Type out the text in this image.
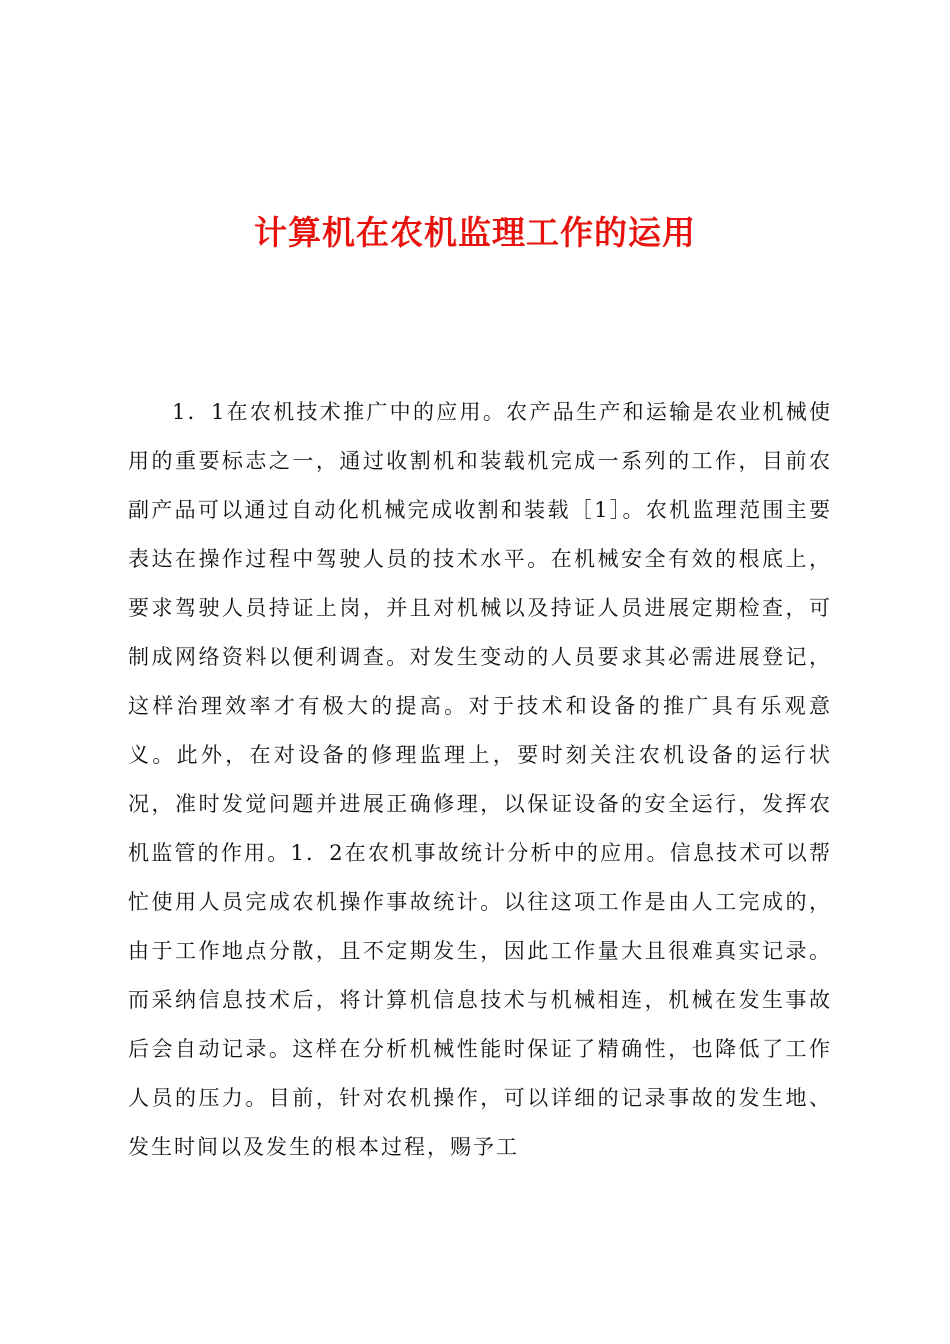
计算机在农机监理工作的运用

1．1在农机技术推广中的应用。农产品生产和运输是农业机械使用的重要标志之一，通过收割机和装载机完成一系列的工作，目前农副产品可以通过自动化机械完成收割和装载［1］。农机监理范围主要表达在操作过程中驾驶人员的技术水平。在机械安全有效的根底上，要求驾驶人员持证上岗，并且对机械以及持证人员进展定期检查，可制成网络资料以便利调查。对发生变动的人员要求其必需进展登记，这样治理效率才有极大的提高。对于技术和设备的推广具有乐观意义。此外，在对设备的修理监理上，要时刻关注农机设备的运行状况，准时发觉问题并进展正确修理，以保证设备的安全运行，发挥农机监管的作用。1．2在农机事故统计分析中的应用。信息技术可以帮忙使用人员完成农机操作事故统计。以往这项工作是由人工完成的，由于工作地点分散，且不定期发生，因此工作量大且很难真实记录。而采纳信息技术后，将计算机信息技术与机械相连，机械在发生事故后会自动记录。这样在分析机械性能时保证了精确性，也降低了工作人员的压力。目前，针对农机操作，可以详细的记录事故的发生地、发生时间以及发生的根本过程，赐予工
